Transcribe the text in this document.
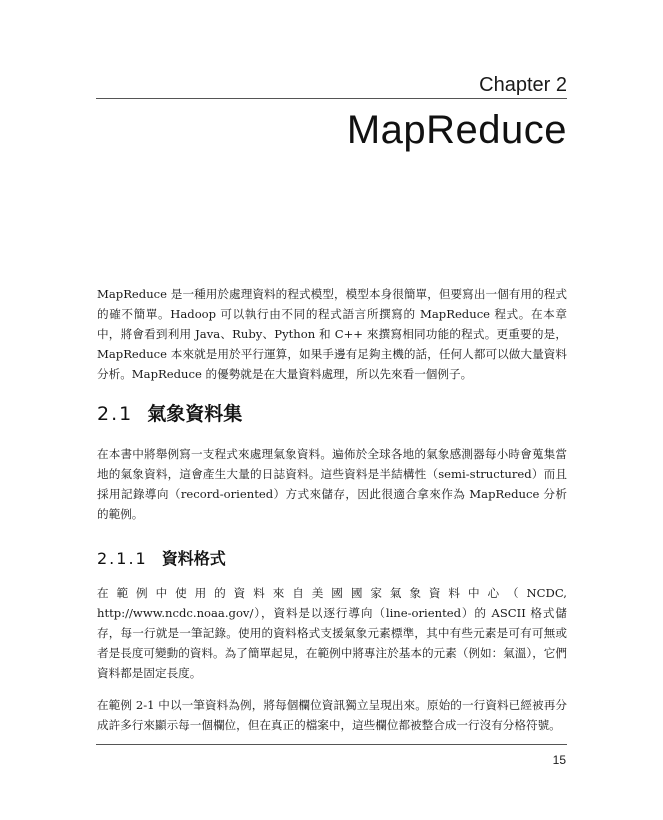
Chapter 2
MapReduce

MapReduce 是一種用於處理資料的程式模型，模型本身很簡單，但要寫出一個有用的程式的確不簡單。Hadoop 可以執行由不同的程式語言所撰寫的 MapReduce 程式。在本章中，將會看到利用 Java、Ruby、Python 和 C++ 來撰寫相同功能的程式。更重要的是，MapReduce 本來就是用於平行運算，如果手邊有足夠主機的話，任何人都可以做大量資料分析。MapReduce 的優勢就是在大量資料處理，所以先來看一個例子。

2.1 氣象資料集

在本書中將舉例寫一支程式來處理氣象資料。遍佈於全球各地的氣象感測器每小時會蒐集當地的氣象資料，這會產生大量的日誌資料。這些資料是半結構性（semi-structured）而且採用記錄導向（record-oriented）方式來儲存，因此很適合拿來作為 MapReduce 分析的範例。

2.1.1 資料格式

在範例中使用的資料來自美國國家氣象資料中心（NCDC, http://www.ncdc.noaa.gov/），資料是以逐行導向（line-oriented）的 ASCII 格式儲存，每一行就是一筆記錄。使用的資料格式支援氣象元素標準，其中有些元素是可有可無或者是長度可變動的資料。為了簡單起見，在範例中將專注於基本的元素（例如：氣溫），它們資料都是固定長度。

在範例 2-1 中以一筆資料為例，將每個欄位資訊獨立呈現出來。原始的一行資料已經被再分成許多行來顯示每一個欄位，但在真正的檔案中，這些欄位都被整合成一行沒有分格符號。

15
